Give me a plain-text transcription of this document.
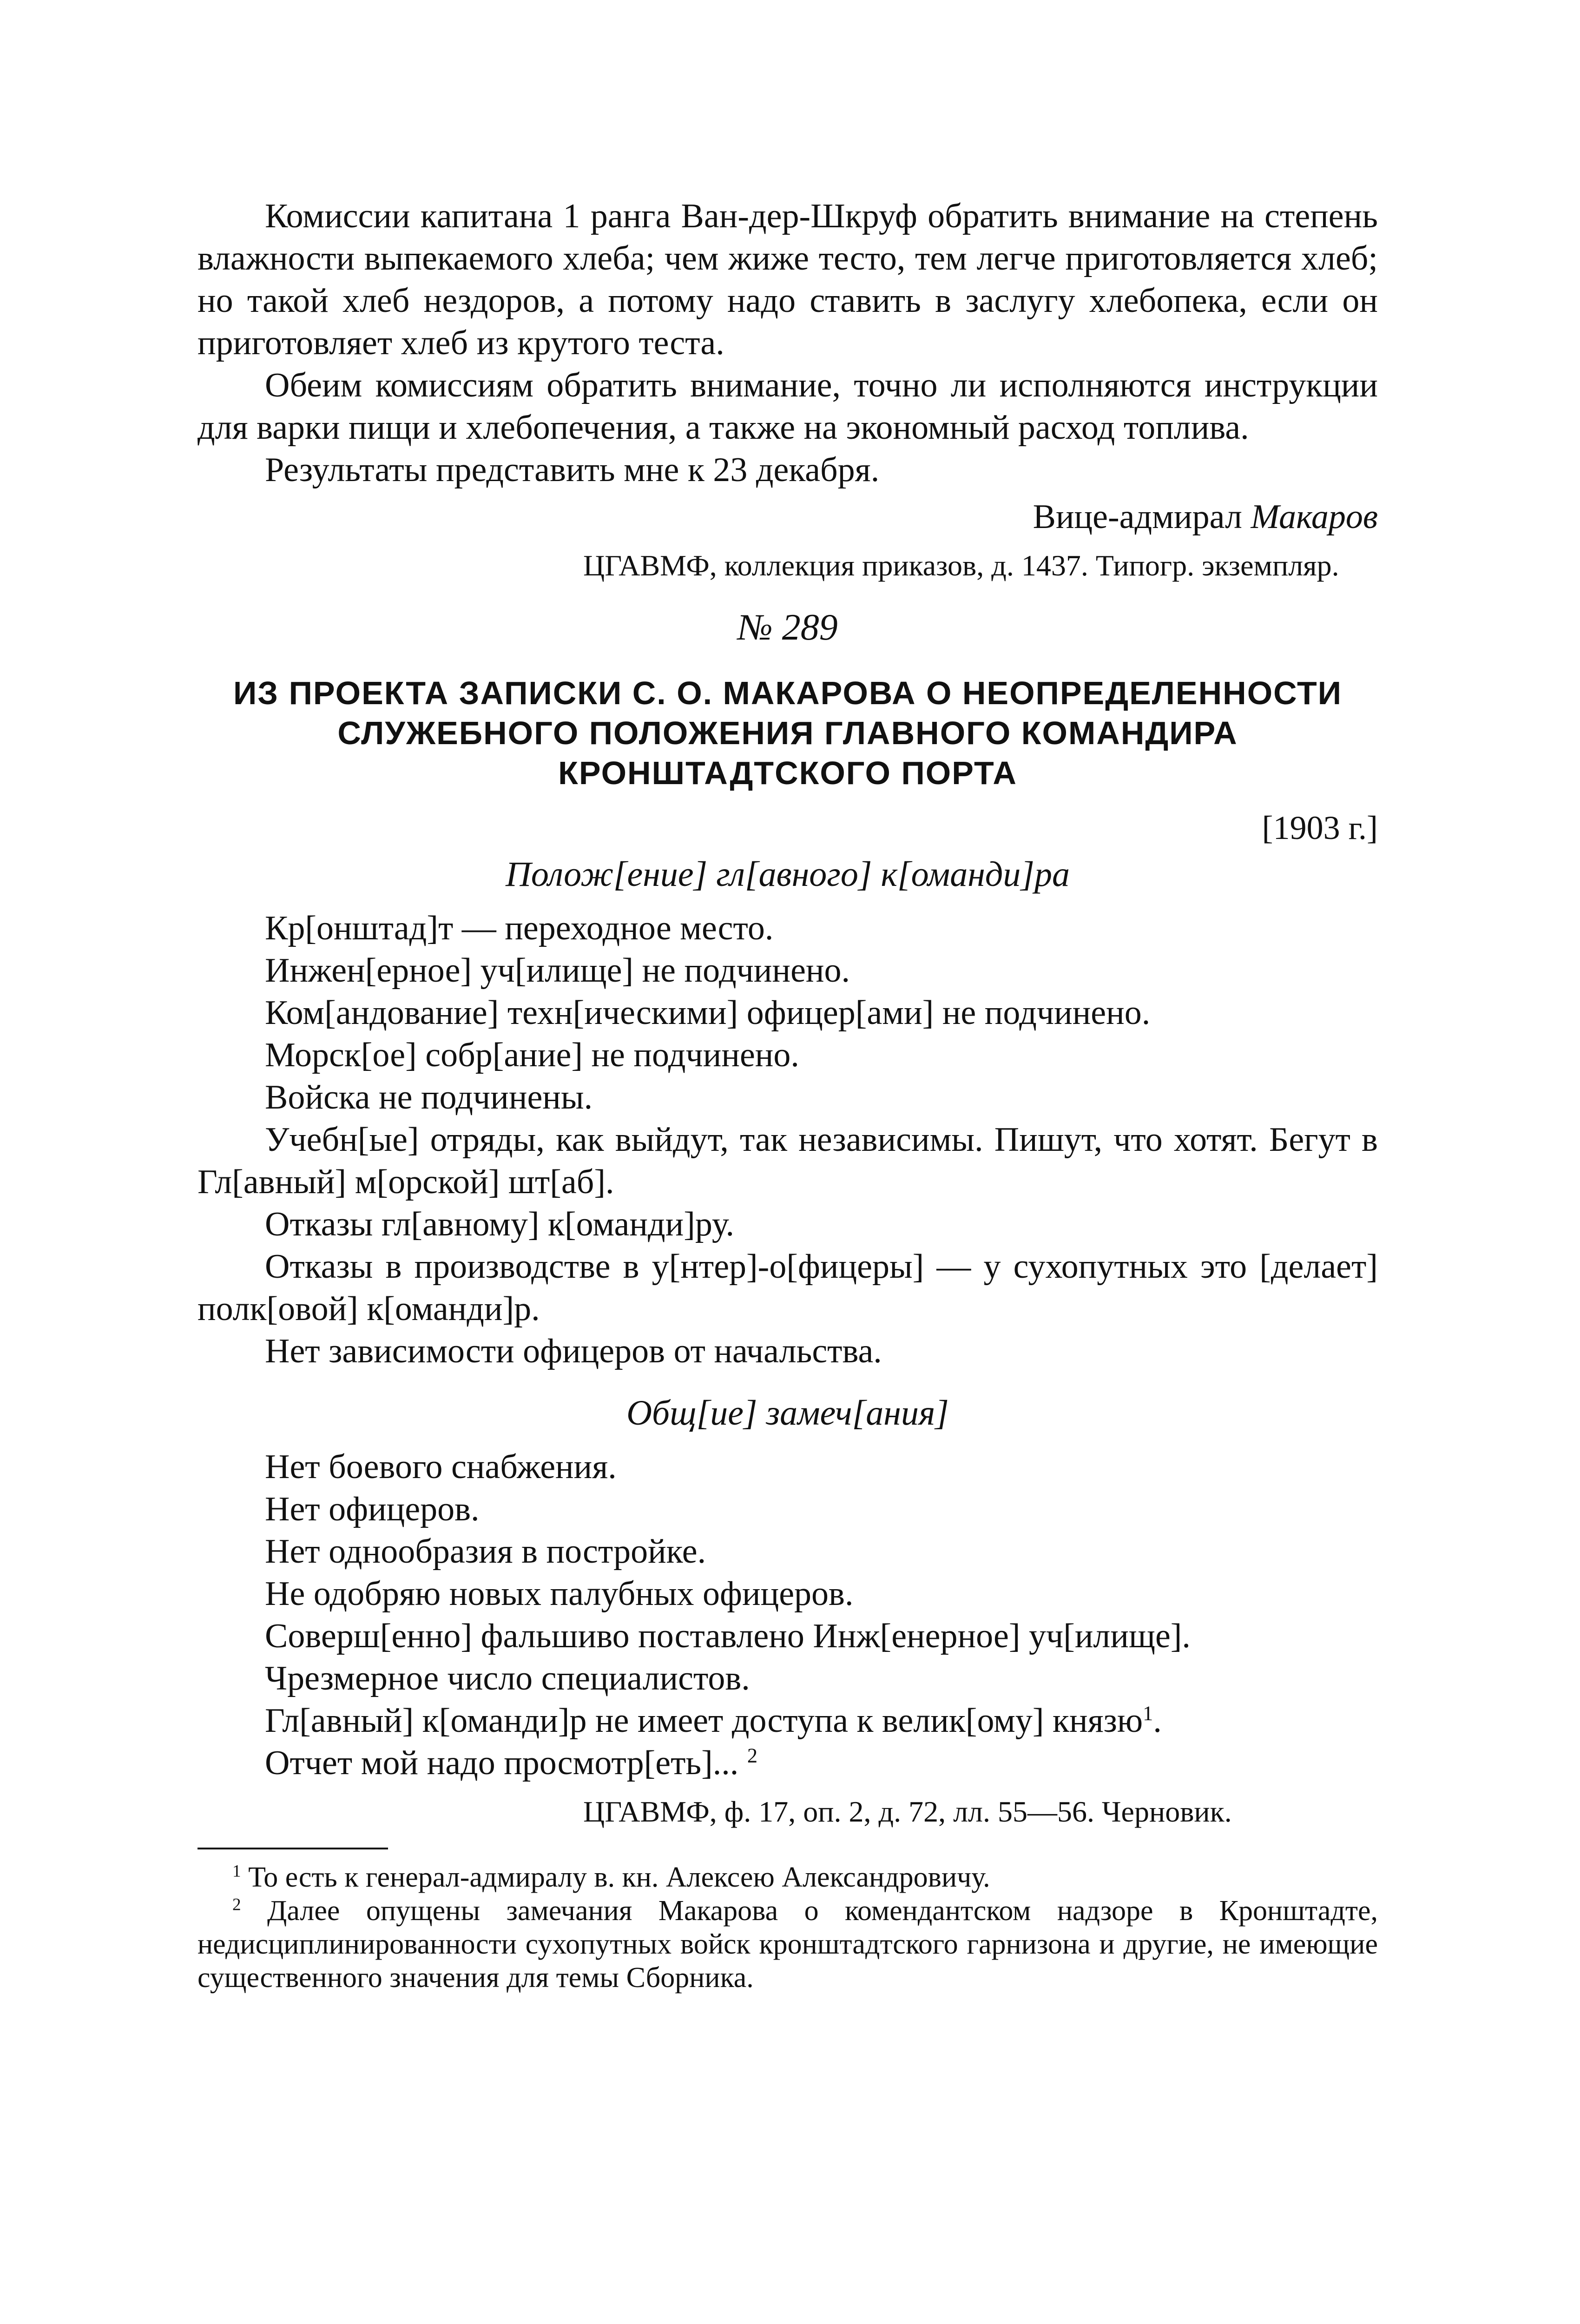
Комиссии капитана 1 ранга Ван-дер-Шкруф обратить внимание на степень влажности выпекаемого хлеба; чем жиже тесто, тем легче приготовляется хлеб; но такой хлеб нездоров, а потому надо ставить в заслугу хлебопека, если он приготовляет хлеб из крутого теста.

Обеим комиссиям обратить внимание, точно ли исполняются инструкции для варки пищи и хлебопечения, а также на экономный расход топлива.

Результаты представить мне к 23 декабря.

Вице-адмирал Макаров

ЦГАВМФ, коллекция приказов, д. 1437. Типогр. экземпляр.

№ 289

ИЗ ПРОЕКТА ЗАПИСКИ С. О. МАКАРОВА О НЕОПРЕДЕЛЕННОСТИ

СЛУЖЕБНОГО ПОЛОЖЕНИЯ ГЛАВНОГО КОМАНДИРА

КРОНШТАДТСКОГО ПОРТА

[1903 г.]

Полож[ение] гл[авного] к[оманди]ра

Кр[онштад]т — переходное место.

Инжен[ерное] уч[илище] не подчинено.

Ком[андование] техн[ическими] офицер[ами] не подчинено.

Морск[ое] собр[ание] не подчинено.

Войска не подчинены.

Учебн[ые] отряды, как выйдут, так независимы. Пишут, что хотят. Бегут в Гл[авный] м[орской] шт[аб].

Отказы гл[авному] к[оманди]ру.

Отказы в производстве в у[нтер]-о[фицеры] — у сухопутных это [делает] полк[овой] к[оманди]р.

Нет зависимости офицеров от начальства.

Общ[ие] замеч[ания]

Нет боевого снабжения.

Нет офицеров.

Нет однообразия в постройке.

Не одобряю новых палубных офицеров.

Соверш[енно] фальшиво поставлено Инж[енерное] уч[илище].

Чрезмерное число специалистов.

Гл[авный] к[оманди]р не имеет доступа к велик[ому] князю$^1$.

Отчет мой надо просмотр[еть]... $^2$

ЦГАВМФ, ф. 17, оп. 2, д. 72, лл. 55—56. Черновик.

$^1$ То есть к генерал-адмиралу в. кн. Алексею Александровичу.

$^2$ Далее опущены замечания Макарова о комендантском надзоре в Кронштадте, недисциплинированности сухопутных войск кронштадтского гарнизона и другие, не имеющие существенного значения для темы Сборника.
